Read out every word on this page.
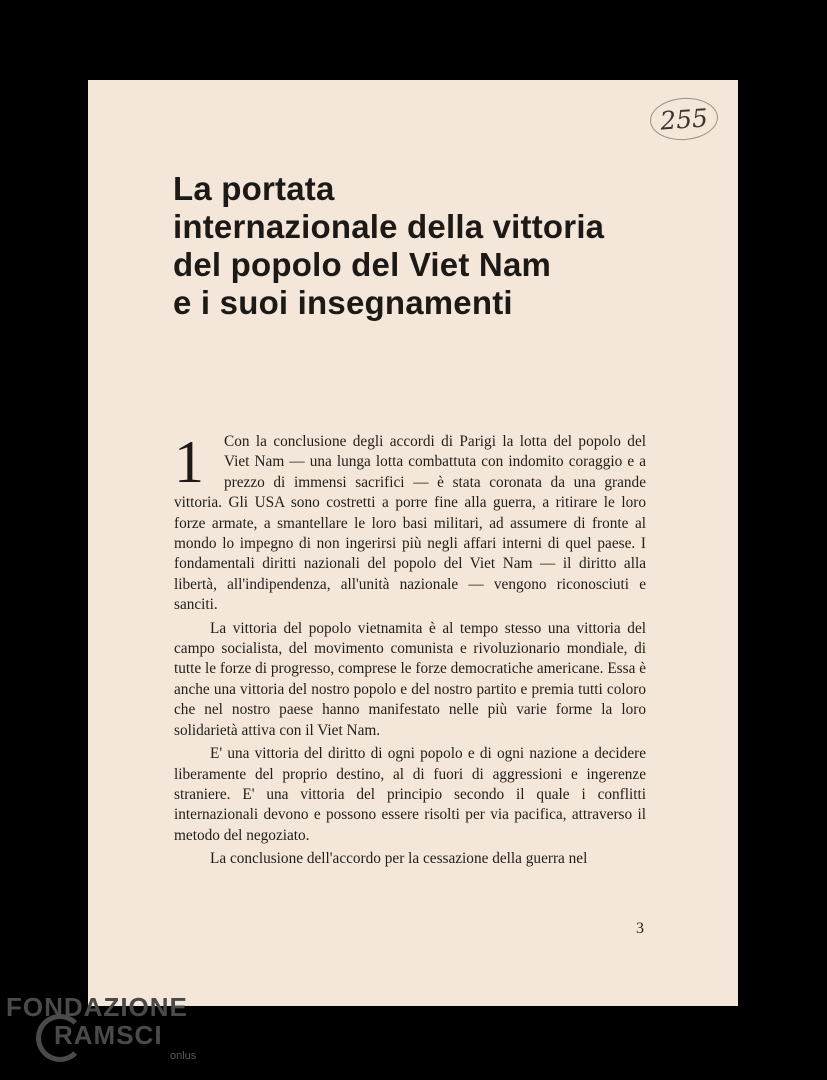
255
La portata
internazionale della vittoria
del popolo del Viet Nam
e i suoi insegnamenti
1	Con la conclusione degli accordi di Parigi la lotta del popolo del Viet Nam — una lunga lotta combattuta con indomito coraggio e a prezzo di immensi sacrifici — è stata coronata da una grande vittoria. Gli USA sono costretti a porre fine alla guerra, a ritirare le loro forze armate, a smantellare le loro basi militari, ad assumere di fronte al mondo lo impegno di non ingerirsi più negli affari interni di quel paese. I fondamentali diritti nazionali del popolo del Viet Nam — il diritto alla libertà, all'indipendenza, all'unità nazionale — vengono riconosciuti e sanciti.

La vittoria del popolo vietnamita è al tempo stesso una vittoria del campo socialista, del movimento comunista e rivoluzionario mondiale, di tutte le forze di progresso, comprese le forze democratiche americane. Essa è anche una vittoria del nostro popolo e del nostro partito e premia tutti coloro che nel nostro paese hanno manifestato nelle più varie forme la loro solidarietà attiva con il Viet Nam.

E' una vittoria del diritto di ogni popolo e di ogni nazione a decidere liberamente del proprio destino, al di fuori di aggressioni e ingerenze straniere. E' una vittoria del principio secondo il quale i conflitti internazionali devono e possono essere risolti per via pacifica, attraverso il metodo del negoziato.

La conclusione dell'accordo per la cessazione della guerra nel

3
FONDAZIONE
RAMSCI
onlus
